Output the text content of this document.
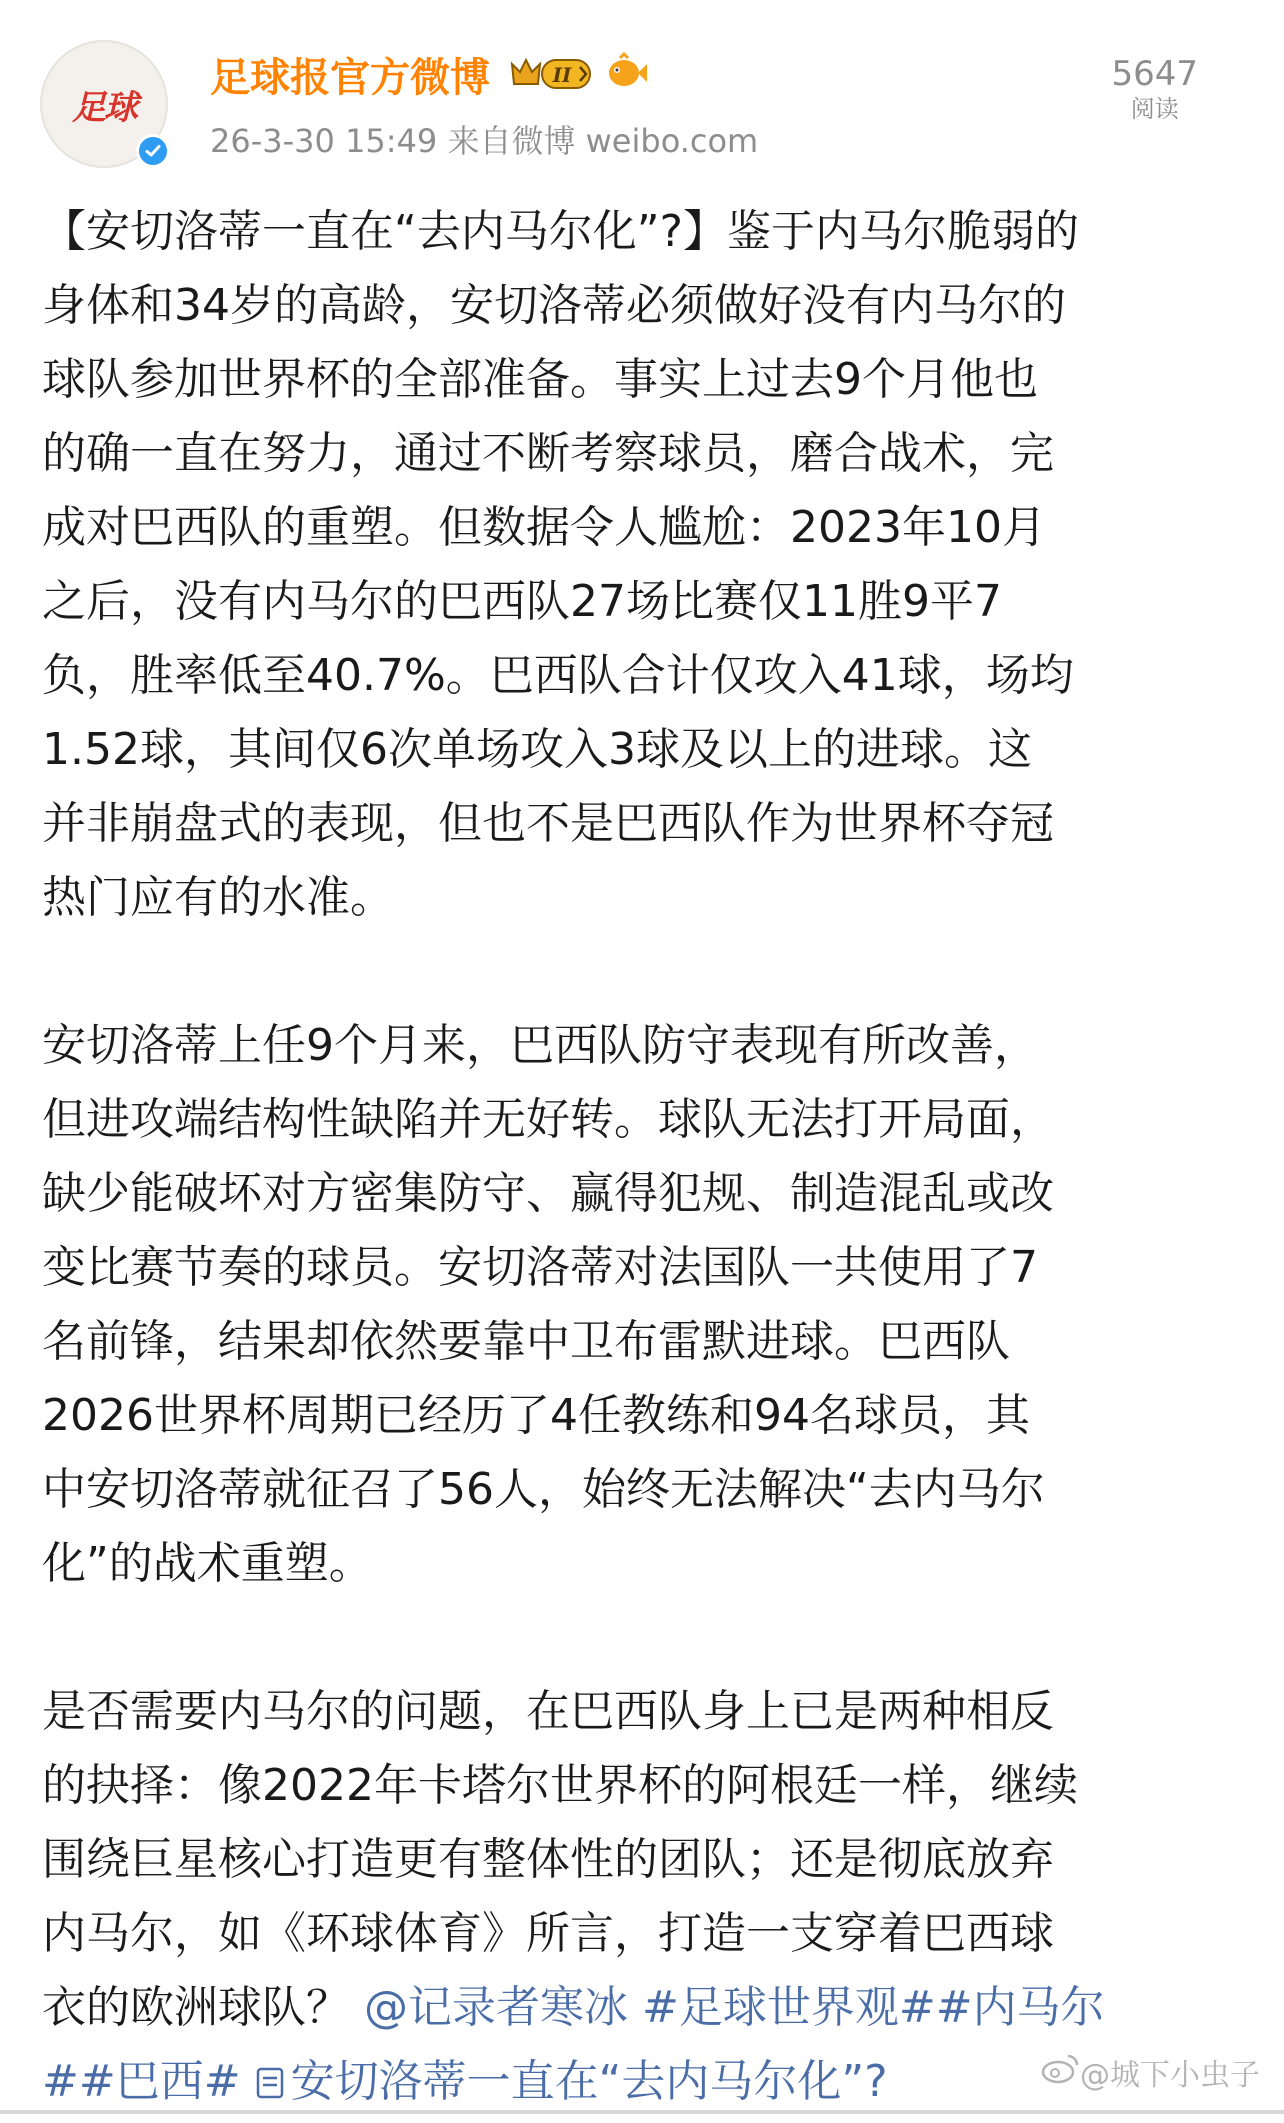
足球
足球报官方微博	II
26-3-30 15:49 来自微博 weibo.com
5647
阅读

【安切洛蒂一直在“去内马尔化”?】鉴于内马尔脆弱的
身体和34岁的高龄，安切洛蒂必须做好没有内马尔的
球队参加世界杯的全部准备。事实上过去9个月他也
的确一直在努力，通过不断考察球员，磨合战术，完
成对巴西队的重塑。但数据令人尴尬：2023年10月
之后，没有内马尔的巴西队27场比赛仅11胜9平7
负，胜率低至40.7%。巴西队合计仅攻入41球，场均
1.52球，其间仅6次单场攻入3球及以上的进球。这
并非崩盘式的表现，但也不是巴西队作为世界杯夺冠
热门应有的水准。

安切洛蒂上任9个月来，巴西队防守表现有所改善，
但进攻端结构性缺陷并无好转。球队无法打开局面，
缺少能破坏对方密集防守、赢得犯规、制造混乱或改
变比赛节奏的球员。安切洛蒂对法国队一共使用了7
名前锋，结果却依然要靠中卫布雷默进球。巴西队
2026世界杯周期已经历了4任教练和94名球员，其
中安切洛蒂就征召了56人，始终无法解决“去内马尔
化”的战术重塑。

是否需要内马尔的问题，在巴西队身上已是两种相反
的抉择：像2022年卡塔尔世界杯的阿根廷一样，继续
围绕巨星核心打造更有整体性的团队；还是彻底放弃
内马尔，如《环球体育》所言，打造一支穿着巴西球
衣的欧洲球队？ @记录者寒冰 #足球世界观##内马尔
##巴西# 安切洛蒂一直在“去内马尔化”?	@城下小虫子
